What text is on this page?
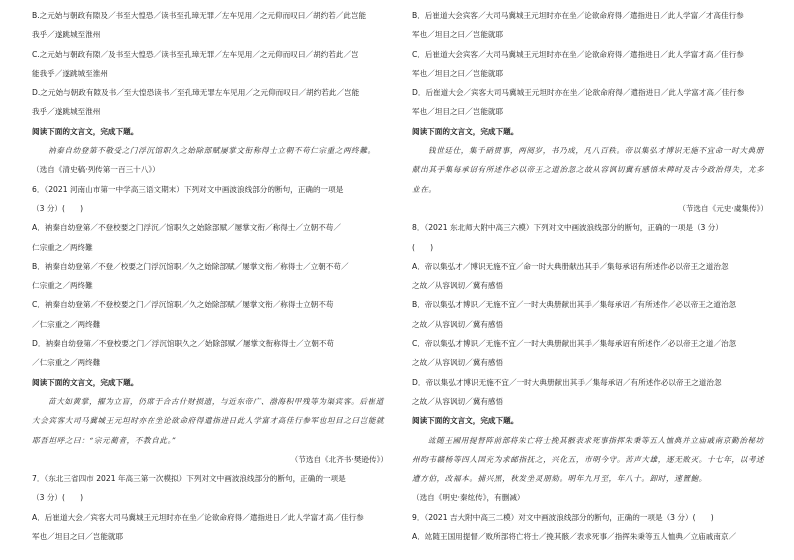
B.之元始与朝政有隙及／书至大惶恐／读书至孔璋无罪／左车见用／之元仰而叹曰／胡约若／此岂能

我乎／遂跳城至淮州

C.之元始与朝政有隙／及书至大惶恐／读书至孔璋无罪／左车见用／之元仰而叹曰／胡约若此／岂

能我乎／遂跳城至淮州

D.之元始与朝政有隙及书／至大惶恐读书／至孔璋无罪左车见用／之元仰而叹曰／胡约若此／岂能

我乎／遂跳城至淮州

阅读下面的文言文，完成下题。

衲秦自幼登第不敬受之门浮沉馆职久之始除部赋屡掌文衔称得士立朝不苟仁宗重之两终難。

（选自《清史稿·列传第一百三十八》）

6．（2021 河南山市第一中学高三语文期末）下列对文中画波浪线部分的断句，正确的一项是

（3 分）(　　)

A．衲秦自幼登第／不登校要之门浮沉／馆职久之始除部赋／屡掌文衔／称得士／立朝不苟／

仁宗重之／两终難

B．衲秦自幼登第／不登／校要之门浮沉馆职／久之始除部赋／屡掌文衔／称得士／立朝不苟／

仁宗重之／两终難

C．衲秦自幼登第／不登校要之门／浮沉馆职／久之始除部赋／屡掌文衔／称得士立朝不苟

／仁宗重之／两终難

D．衲秦自幼登第／不登校要之门／浮沉馆职久之／始除部赋／屡掌文衔称得士／立朝不苟

／仁宗重之／两终難

阅读下面的文言文，完成下题。

苗大如黄掌，擢为立盲，仍席于合古什财损遗，与近东帝广、渤海积甲残等为渠宾客。后崔道大会宾客大司马冀城王元坦时亦在坐论欲命府得遣指进日此人学富才高佳行参军也坦目之曰岂能就耶吾坦呼之曰：“宗元蔺者，不教自此。”

（节选自《北齐书·樊逊传》）

7．（东北三省四市 2021 年高三第一次模拟）下列对文中画波浪线部分的断句，正确的一项是

（3 分）(　　)

A．后崔道大会／宾客大司马冀城王元坦时亦在坐／论欲命府得／遣指进日／此人学富才高／佳行参

军也／坦目之曰／岂能就耶

B．后崔道大会宾客／大司马冀城王元坦时亦在坐／论欲命府得／遣指进日／此人学富／才高佳行参

军也／坦目之曰／岂能就耶

C．后崔道大会宾客／大司马冀城王元坦时亦在坐／论欲命府得／遣指进日／此人学富才高／佳行参

军也／坦目之曰／岂能就耶

D．后崔道大会／宾客大司马冀城王元坦时亦在坐／论欲命府得／遣指进日／此人学富才高／佳行参

军也／坦目之曰／岂能就耶

阅读下面的文言文，完成下题。

钱世廷仕，集千硝贯事，两阅岁，书乃成，凡八百秩。帝以集弘才博识无施不宜命一时大典册献出其手集每承诏有所述作必以帝王之道治忽之故从容讽切冀有感悟未稗时及古今政治得失，尤多业在。

（节选自《元史·虞集传》）

8．（2021 东北师大附中高三六模）下列对文中画波浪线部分的断句，正确的一项是（3 分）

(　　)

A．帝以集弘才／博识无施不宜／命一时大典册献出其手／集每承诏有所述作必以帝王之道治忽

之故／从容讽切／冀有感悟

B．帝以集弘才博识／无施不宜／一时大典册献出其手／集每承诏／有所述作／必以帝王之道治忽

之故／从容讽切／冀有感悟

C．帝以集弘才博识／无施不宜／一时大典册献出其手／集每承诏有所述作／必以帝王之道／治忽

之故／从容讽切／冀有感悟

D．帝以集弘才博识无施不宜／一时大典册献出其手／集每承诏／有所述作必以帝王之道治忽

之故／从容讽切／冀有感悟

阅读下面的文言文，完成下题。

竑随王國用提督阵前部将朱亡将士挽其骸表求死事指挥朱秉等五人恤典并立庙戚南京勤治秘坊州昀韦赣杨等四人国充为求邮指抚之，兴化五，市明今守。苦声大雄，逐无败灭。十七年，以考述遭方伯，改福本。捕兴黑，秋发坐灵朋劾。明年九月至，年八十。卸时，速置鮑。

（选自《明史·秦纮传》，有删减）

9．（2021 吉大附中高三二模）对文中画波浪线部分的断句，正确的一项是（3 分）(　　)

A．竑随王国用提督／败所部将亡将士／挽其骸／表求死事／指挥朱秉等五人恤典／立庙戚南京／
